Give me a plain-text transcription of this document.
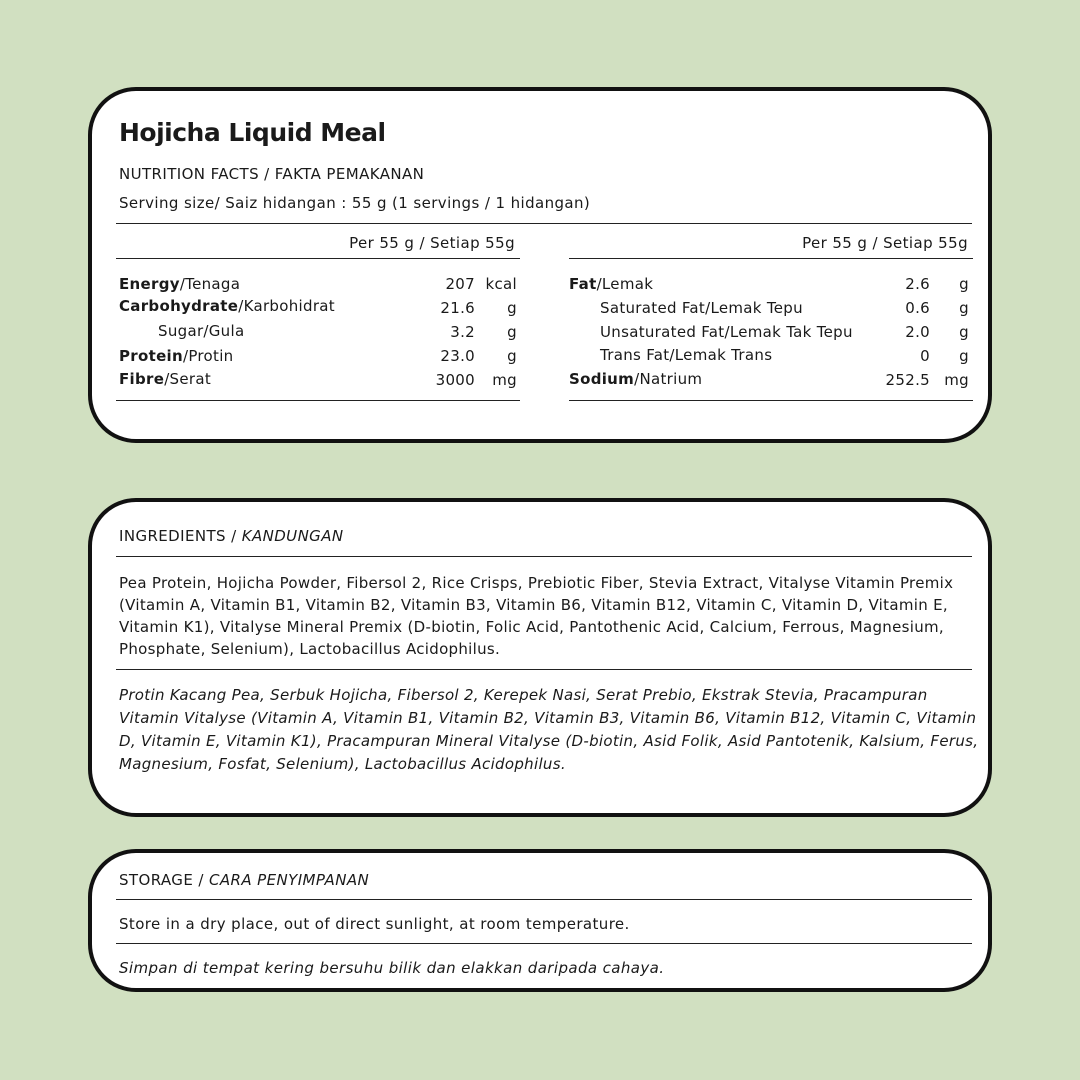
Hojicha Liquid Meal
NUTRITION FACTS / FAKTA PEMAKANAN
Serving size/ Saiz hidangan : 55 g (1 servings / 1 hidangan)
Per 55 g / Setiap 55g	Per 55 g / Setiap 55g
Energy/Tenaga	207 kcal
Carbohydrate/Karbohidrat	21.6 g
Sugar/Gula	3.2 g
Protein/Protin	23.0 g
Fibre/Serat	3000 mg
Fat/Lemak	2.6 g
Saturated Fat/Lemak Tepu	0.6 g
Unsaturated Fat/Lemak Tak Tepu	2.0 g
Trans Fat/Lemak Trans	0 g
Sodium/Natrium	252.5 mg
INGREDIENTS / KANDUNGAN
Pea Protein, Hojicha Powder, Fibersol 2, Rice Crisps, Prebiotic Fiber, Stevia Extract, Vitalyse Vitamin Premix (Vitamin A, Vitamin B1, Vitamin B2, Vitamin B3, Vitamin B6, Vitamin B12, Vitamin C, Vitamin D, Vitamin E, Vitamin K1), Vitalyse Mineral Premix (D-biotin, Folic Acid, Pantothenic Acid, Calcium, Ferrous, Magnesium, Phosphate, Selenium), Lactobacillus Acidophilus.
Protin Kacang Pea, Serbuk Hojicha, Fibersol 2, Kerepek Nasi, Serat Prebio, Ekstrak Stevia, Pracampuran Vitamin Vitalyse (Vitamin A, Vitamin B1, Vitamin B2, Vitamin B3, Vitamin B6, Vitamin B12, Vitamin C, Vitamin D, Vitamin E, Vitamin K1), Pracampuran Mineral Vitalyse (D-biotin, Asid Folik, Asid Pantotenik, Kalsium, Ferus, Magnesium, Fosfat, Selenium), Lactobacillus Acidophilus.
STORAGE / CARA PENYIMPANAN
Store in a dry place, out of direct sunlight, at room temperature.
Simpan di tempat kering bersuhu bilik dan elakkan daripada cahaya.
